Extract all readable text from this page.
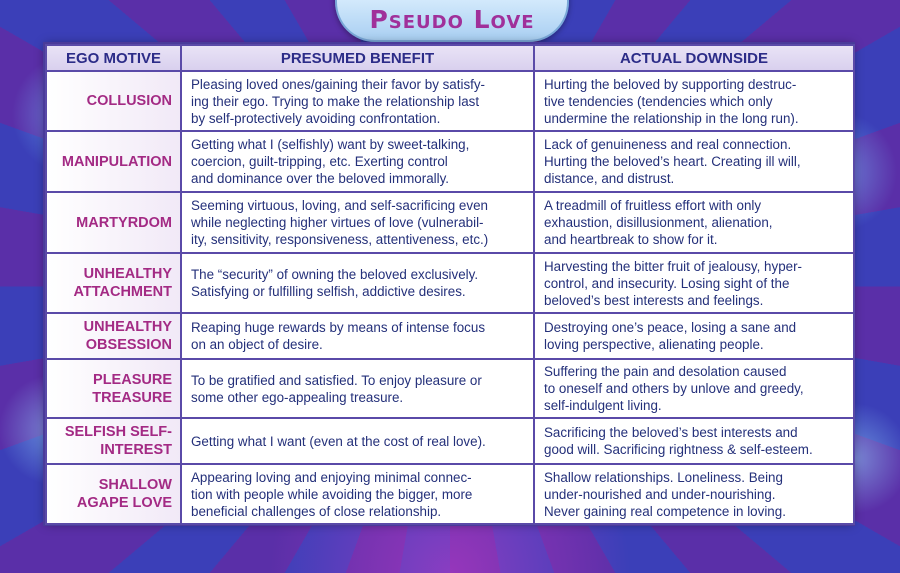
Pseudo Love
EGO MOTIVE	PRESUMED BENEFIT	ACTUAL DOWNSIDE

COLLUSION	Pleasing loved ones/gaining their favor by satisfy-
ing their ego. Trying to make the relationship last
by self-protectively avoiding confrontation.	Hurting the beloved by supporting destruc-
tive tendencies (tendencies which only
undermine the relationship in the long run).

MANIPULATION	Getting what I (selfishly) want by sweet-talking,
coercion, guilt-tripping, etc. Exerting control
and dominance over the beloved immorally.	Lack of genuineness and real connection.
Hurting the beloved’s heart. Creating ill will,
distance, and distrust.

MARTYRDOM	Seeming virtuous, loving, and self-sacrificing even
while neglecting higher virtues of love (vulnerabil-
ity, sensitivity, responsiveness, attentiveness, etc.)	A treadmill of fruitless effort with only
exhaustion, disillusionment, alienation,
and heartbreak to show for it.

UNHEALTHY
ATTACHMENT	The “security” of owning the beloved exclusively.
Satisfying or fulfilling selfish, addictive desires.	Harvesting the bitter fruit of jealousy, hyper-
control, and insecurity. Losing sight of the
beloved’s best interests and feelings.

UNHEALTHY
OBSESSION	Reaping huge rewards by means of intense focus
on an object of desire.	Destroying one’s peace, losing a sane and
loving perspective, alienating people.

PLEASURE
TREASURE	To be gratified and satisfied. To enjoy pleasure or
some other ego-appealing treasure.	Suffering the pain and desolation caused
to oneself and others by unlove and greedy,
self-indulgent living.

SELFISH SELF-
INTEREST	Getting what I want (even at the cost of real love).	Sacrificing the beloved’s best interests and
good will. Sacrificing rightness & self-esteem.

SHALLOW
AGAPE LOVE	Appearing loving and enjoying minimal connec-
tion with people while avoiding the bigger, more
beneficial challenges of close relationship.	Shallow relationships. Loneliness. Being
under-nourished and under-nourishing.
Never gaining real competence in loving.
